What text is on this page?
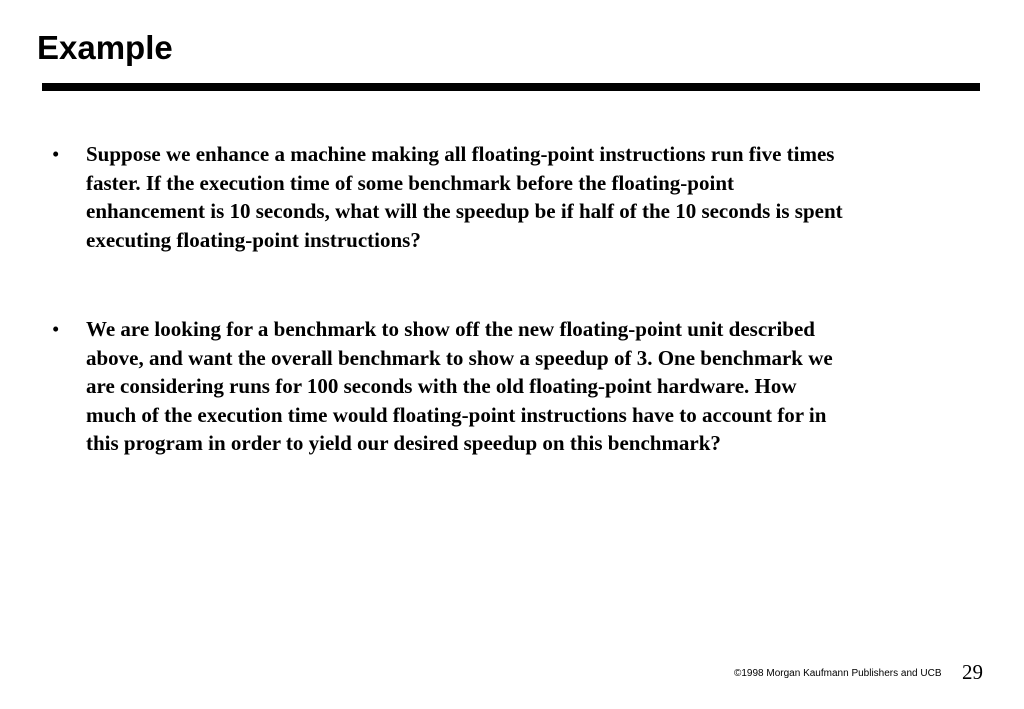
Example
• Suppose we enhance a machine making all floating-point instructions run five times
faster. If the execution time of some benchmark before the floating-point
enhancement is 10 seconds, what will the speedup be if half of the 10 seconds is spent
executing floating-point instructions?
• We are looking for a benchmark to show off the new floating-point unit described
above, and want the overall benchmark to show a speedup of 3. One benchmark we
are considering runs for 100 seconds with the old floating-point hardware. How
much of the execution time would floating-point instructions have to account for in
this program in order to yield our desired speedup on this benchmark?
©1998 Morgan Kaufmann Publishers and UCB 29
